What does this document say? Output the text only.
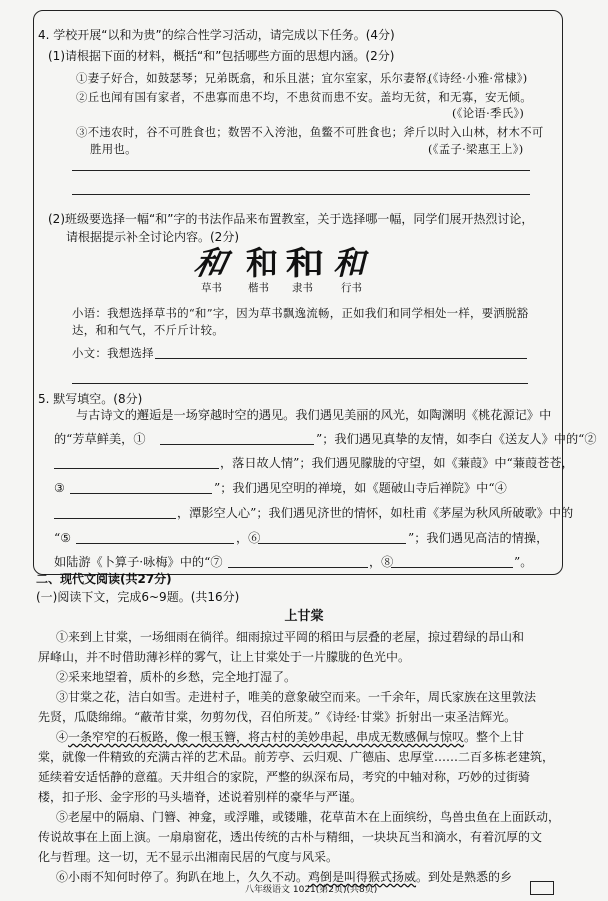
4. 学校开展“以和为贵”的综合性学习活动，请完成以下任务。(4分)
(1)请根据下面的材料，概括“和”包括哪些方面的思想内涵。(2分)
①妻子好合，如鼓瑟琴；兄弟既翕，和乐且湛；宜尔室家，乐尔妻帑。
(《诗经·小雅·常棣》)
②丘也闻有国有家者，不患寡而患不均，不患贫而患不安。盖均无贫，和无寡，安无倾。
(《论语·季氏》)
③不违农时，谷不可胜食也；数罟不入洿池，鱼鳖不可胜食也；斧斤以时入山林，材木不可
胜用也。	(《孟子·梁惠王上》)
(2)班级要选择一幅“和”字的书法作品来布置教室，关于选择哪一幅，同学们展开热烈讨论，
请根据提示补全讨论内容。(2分)
和 和 和 和
草书 楷书 隶书	行书
小语：我想选择草书的“和”字，因为草书飘逸流畅，正如我们和同学相处一样，要洒脱豁
达，和和气气，不斤斤计较。
小文：我想选择
5. 默写填空。(8分)
与古诗文的邂逅是一场穿越时空的遇见。我们遇见美丽的风光，如陶渊明《桃花源记》中
的“芳草鲜美，①	”；我们遇见真挚的友情，如李白《送友人》中的“②
，落日故人情”；我们遇见朦胧的守望，如《蒹葭》中“蒹葭苍苍，
③	”；我们遇见空明的禅境，如《题破山寺后禅院》中“④
，潭影空人心”；我们遇见济世的情怀，如杜甫《茅屋为秋风所破歌》中的
“⑤	，⑥	”；我们遇见高洁的情操，
如陆游《卜算子·咏梅》中的“⑦	，⑧	”。
二、现代文阅读(共27分)
(一)阅读下文，完成6~9题。(共16分)
上甘棠
①来到上甘棠，一场细雨在徜徉。细雨掠过平岡的稻田与层叠的老屋，掠过碧绿的昂山和
屏峰山，并不时借助薄衫样的雾气，让上甘棠处于一片朦胧的色光中。
②采来地望着，质朴的乡愁，完全地打湿了。
③甘棠之花，洁白如雪。走进村子，唯美的意象破空而来。一千余年，周氏家族在这里敦法
先贤，瓜瓞绵绵。“蔽芾甘棠，勿剪勿伐，召伯所茇。”《诗经·甘棠》折射出一束圣洁辉光。
④一条窄窄的石板路，像一根玉簪，将古村的美妙串起，串成无数感佩与惊叹。整个上甘
棠，就像一件精致的充满古祥的艺术品。前芳亭、云归观、广德庙、忠厚堂……二百多栋老建筑，
延续着安适恬静的意蕴。天井组合的家院，严整的纵深布局，考究的中轴对称，巧妙的过街骑
楼，扣子形、金字形的马头墙脊，述说着别样的豪华与严谨。
⑤老屋中的隔扇、门簪、神龛，或浮雕，或镂雕，花草苗木在上面缤纷，鸟兽虫鱼在上面跃动，
传说故事在上面上演。一扇扇窗花，透出传统的古朴与精细，一块块瓦当和滴水，有着沉厚的文
化与哲理。这一切，无不显示出湘南民居的气度与风采。
⑥小雨不知何时停了。狗趴在地上，久久不动。鸡倒是叫得猴式扬威。到处是熟悉的乡
八年级语文 1021(第2页)(共8页)
